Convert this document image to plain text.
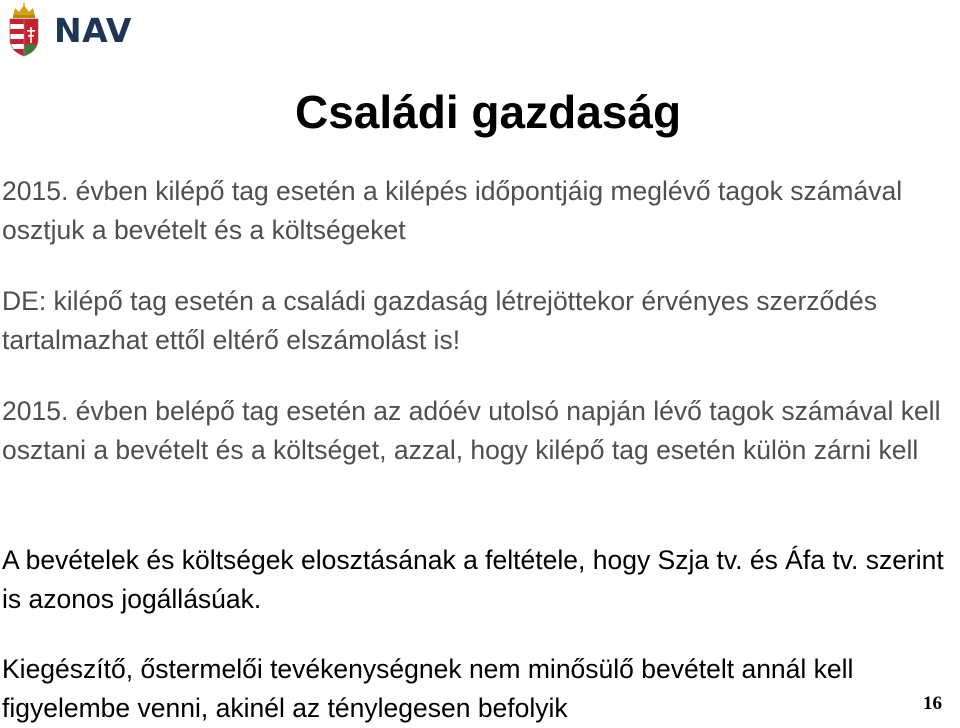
NAV
Családi gazdaság

2015. évben kilépő tag esetén a kilépés időpontjáig meglévő tagok számával osztjuk a bevételt és a költségeket

DE: kilépő tag esetén a családi gazdaság létrejöttekor érvényes szerződés tartalmazhat ettől eltérő elszámolást is!

2015. évben belépő tag esetén az adóév utolsó napján lévő tagok számával kell osztani a bevételt és a költséget, azzal, hogy kilépő tag esetén külön zárni kell

A bevételek és költségek elosztásának a feltétele, hogy Szja tv. és Áfa tv. szerint is azonos jogállásúak.

Kiegészítő, őstermelői tevékenységnek nem minősülő bevételt annál kell figyelembe venni, akinél az ténylegesen befolyik	16
